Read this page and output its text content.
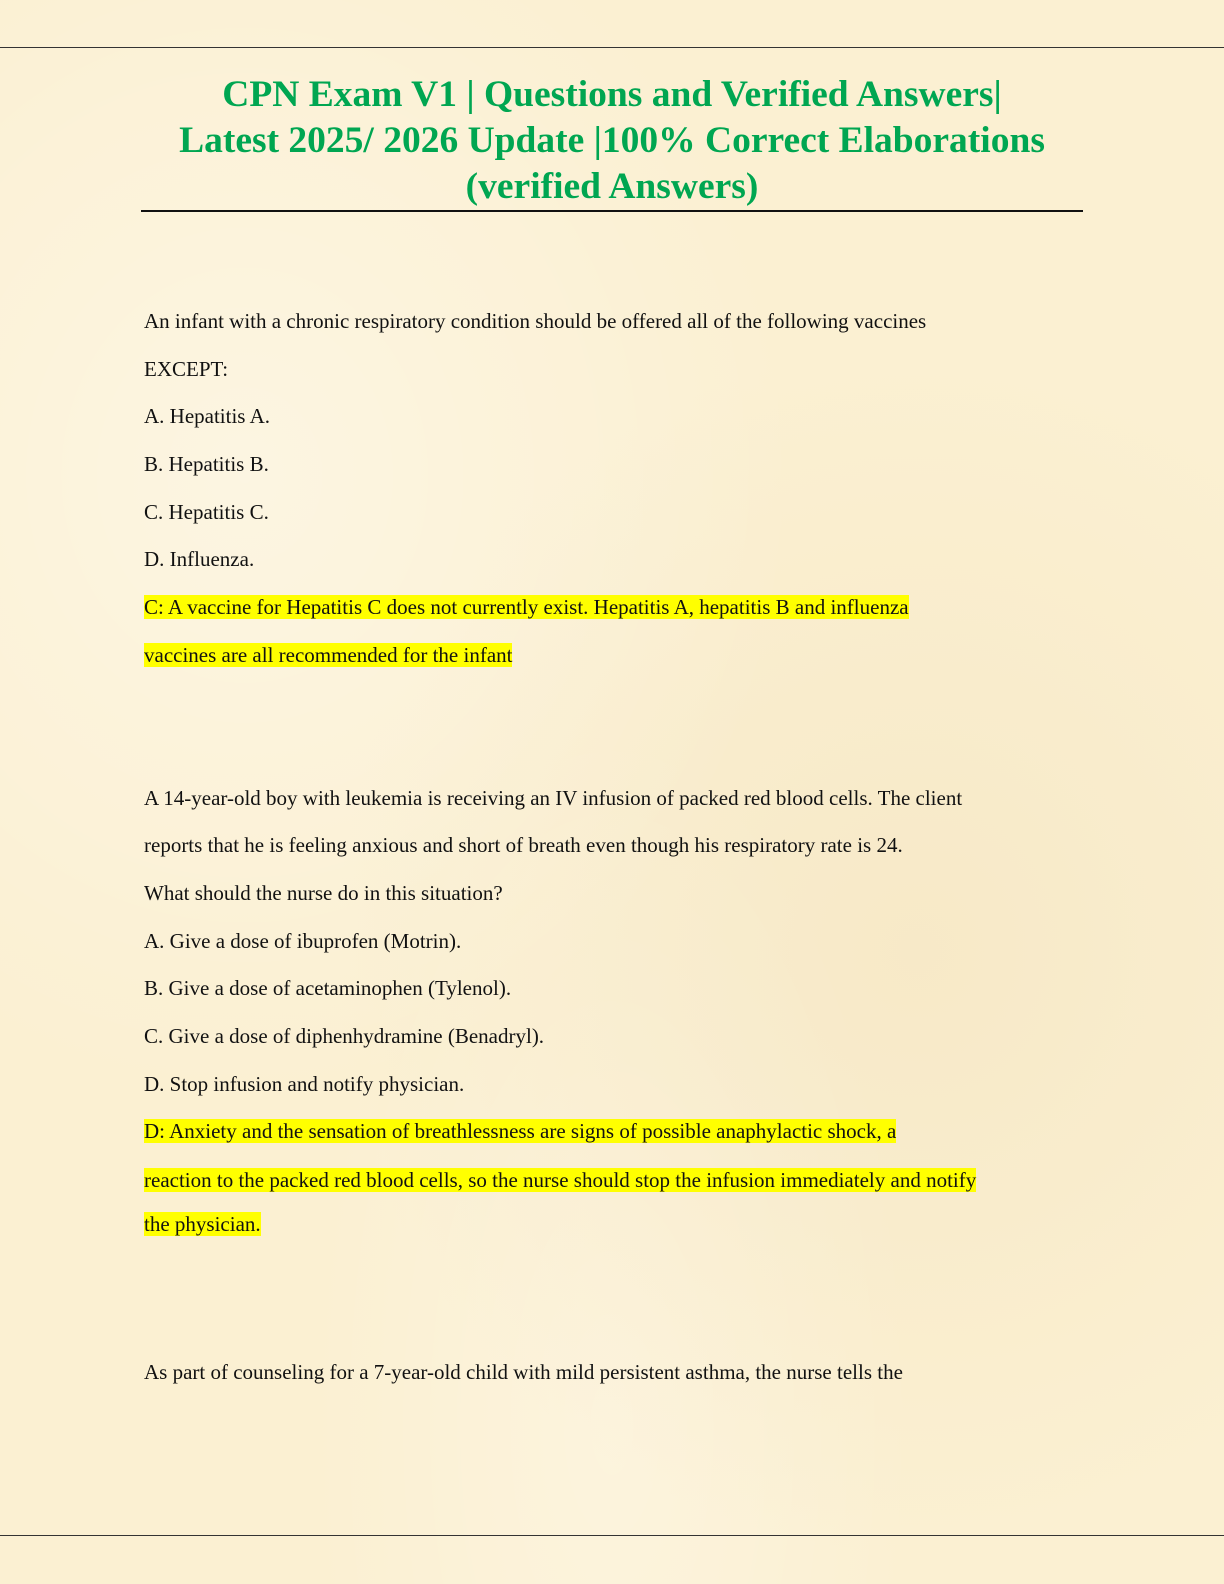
CPN Exam V1 | Questions and Verified Answers|
Latest 2025/ 2026 Update |100% Correct Elaborations
(verified Answers)
An infant with a chronic respiratory condition should be offered all of the following vaccines
EXCEPT:
A. Hepatitis A.
B. Hepatitis B.
C. Hepatitis C.
D. Influenza.
C: A vaccine for Hepatitis C does not currently exist. Hepatitis A, hepatitis B and influenza
vaccines are all recommended for the infant
A 14-year-old boy with leukemia is receiving an IV infusion of packed red blood cells. The client
reports that he is feeling anxious and short of breath even though his respiratory rate is 24.
What should the nurse do in this situation?
A. Give a dose of ibuprofen (Motrin).
B. Give a dose of acetaminophen (Tylenol).
C. Give a dose of diphenhydramine (Benadryl).
D. Stop infusion and notify physician.
D: Anxiety and the sensation of breathlessness are signs of possible anaphylactic shock, a
reaction to the packed red blood cells, so the nurse should stop the infusion immediately and notify
the physician.
As part of counseling for a 7-year-old child with mild persistent asthma, the nurse tells the
